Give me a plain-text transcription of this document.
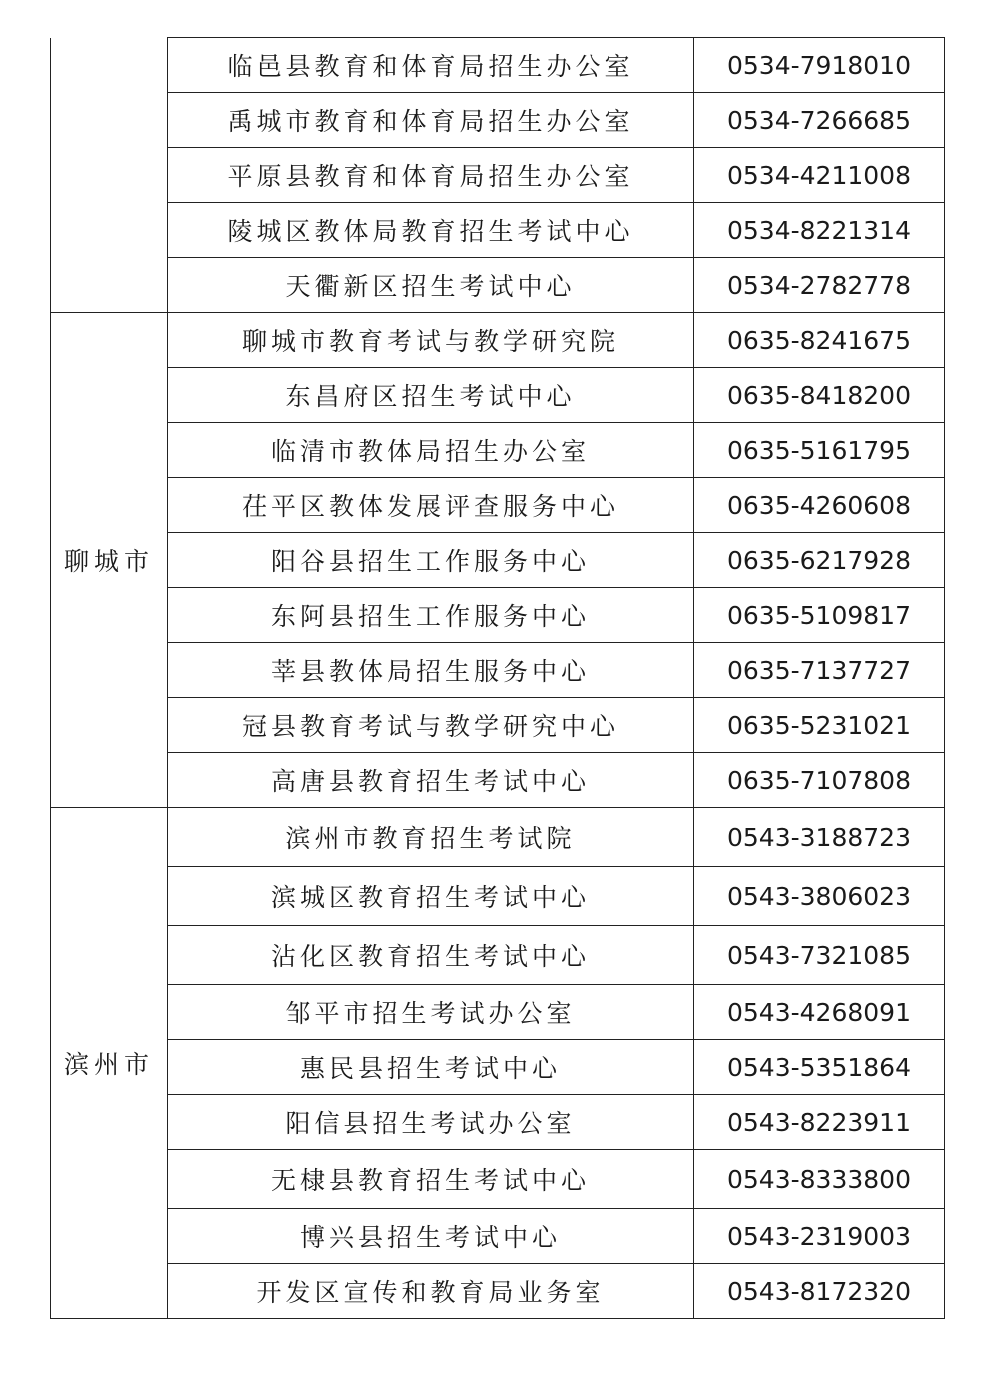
	临邑县教育和体育局招生办公室	0534-7918010
	禹城市教育和体育局招生办公室	0534-7266685
	平原县教育和体育局招生办公室	0534-4211008
	陵城区教体局教育招生考试中心	0534-8221314
	天衢新区招生考试中心	0534-2782778
聊城市	聊城市教育考试与教学研究院	0635-8241675
	东昌府区招生考试中心	0635-8418200
	临清市教体局招生办公室	0635-5161795
	茌平区教体发展评查服务中心	0635-4260608
	阳谷县招生工作服务中心	0635-6217928
	东阿县招生工作服务中心	0635-5109817
	莘县教体局招生服务中心	0635-7137727
	冠县教育考试与教学研究中心	0635-5231021
	高唐县教育招生考试中心	0635-7107808
滨州市	滨州市教育招生考试院	0543-3188723
	滨城区教育招生考试中心	0543-3806023
	沾化区教育招生考试中心	0543-7321085
	邹平市招生考试办公室	0543-4268091
	惠民县招生考试中心	0543-5351864
	阳信县招生考试办公室	0543-8223911
	无棣县教育招生考试中心	0543-8333800
	博兴县招生考试中心	0543-2319003
	开发区宣传和教育局业务室	0543-8172320
